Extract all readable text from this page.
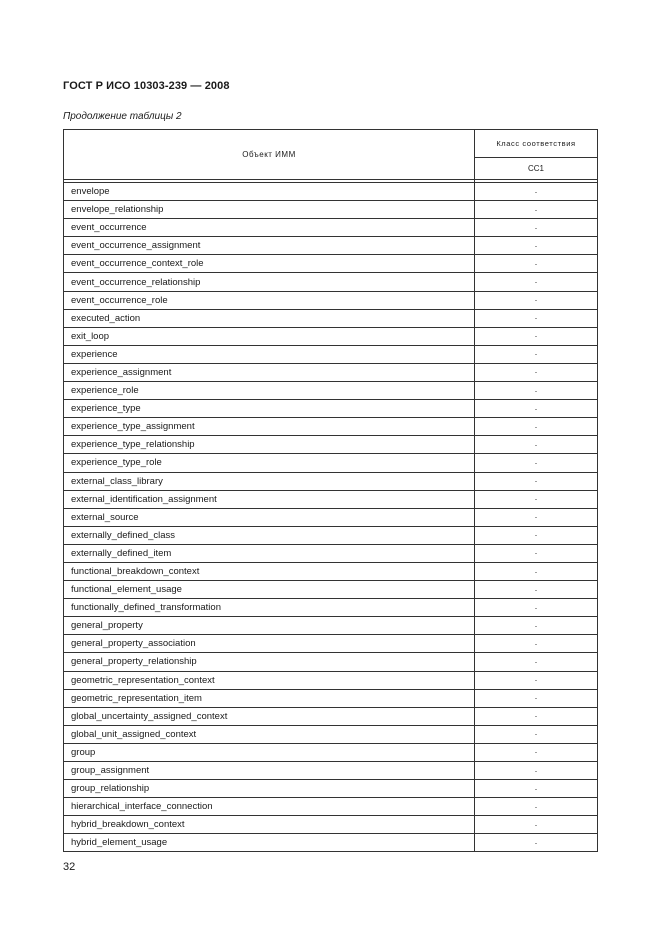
ГОСТ Р ИСО 10303-239 — 2008
Продолжение таблицы 2
Объект ИММ	Класс соответствия
	CC1

envelope	·
envelope_relationship	·
event_occurrence	·
event_occurrence_assignment	·
event_occurrence_context_role	·
event_occurrence_relationship	·
event_occurrence_role	·
executed_action	·
exit_loop	·
experience	·
experience_assignment	·
experience_role	·
experience_type	·
experience_type_assignment	·
experience_type_relationship	·
experience_type_role	·
external_class_library	·
external_identification_assignment	·
external_source	·
externally_defined_class	·
externally_defined_item	·
functional_breakdown_context	·
functional_element_usage	·
functionally_defined_transformation	·
general_property	·
general_property_association	·
general_property_relationship	·
geometric_representation_context	·
geometric_representation_item	·
global_uncertainty_assigned_context	·
global_unit_assigned_context	·
group	·
group_assignment	·
group_relationship	·
hierarchical_interface_connection	·
hybrid_breakdown_context	·
hybrid_element_usage	·
32
